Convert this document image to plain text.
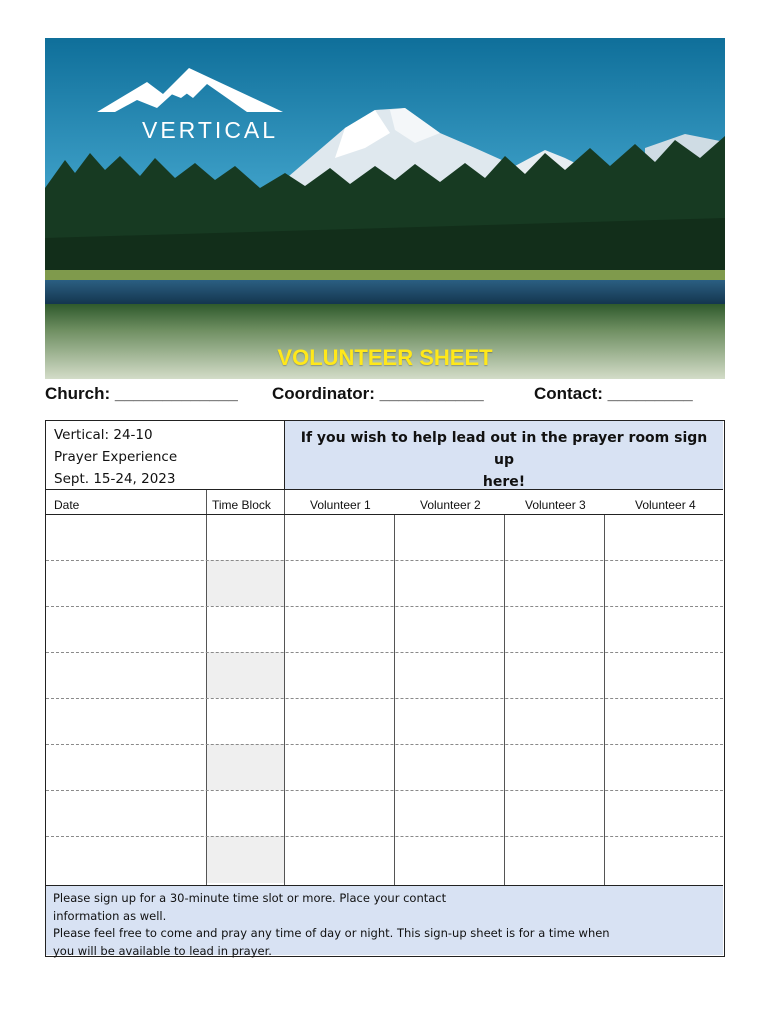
VERTICAL
VOLUNTEER SHEET
Church: _____________ Coordinator: ___________	Contact: _________
Vertical: 24-10
Prayer Experience
Sept. 15-24, 2023
If you wish to help lead out in the prayer room sign up
here!
Date	Time Block	Volunteer 1	Volunteer 2	Volunteer 3	Volunteer 4
Please sign up for a 30-minute time slot or more. Place your contact
information as well.
Please feel free to come and pray any time of day or night. This sign-up sheet is for a time when
you will be available to lead in prayer.
